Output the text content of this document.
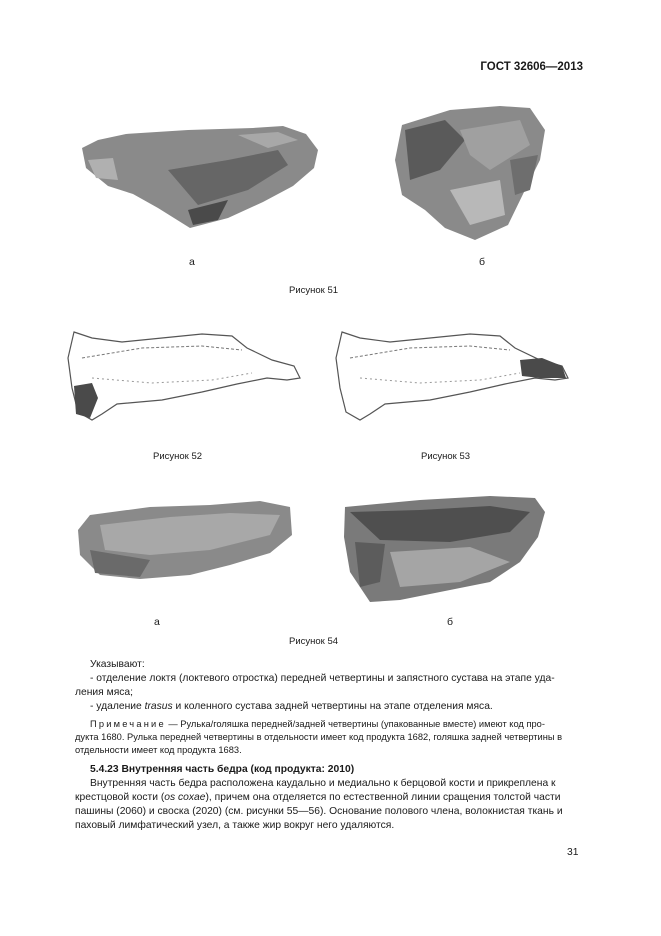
ГОСТ 32606—2013
а	б
Рисунок 51
Рисунок 52	Рисунок 53
а	б
Рисунок 54
Указывают:
- отделение локтя (локтевого отростка) передней четвертины и запястного сустава на этапе уда-
ления мяса;
- удаление trasus и коленного сустава задней четвертины на этапе отделения мяса.
Примечание — Рулька/голяшка передней/задней четвертины (упакованные вместе) имеют код про-
дукта 1680. Рулька передней четвертины в отдельности имеет код продукта 1682, голяшка задней четвертины в
отдельности имеет код продукта 1683.
5.4.23 Внутренняя часть бедра (код продукта: 2010)
Внутренняя часть бедра расположена каудально и медиально к берцовой кости и прикреплена к
крестцовой кости (os coxae), причем она отделяется по естественной линии сращения толстой части
пашины (2060) и своска (2020) (см. рисунки 55—56). Основание полового члена, волокнистая ткань и
паховый лимфатический узел, а также жир вокруг него удаляются.
31
